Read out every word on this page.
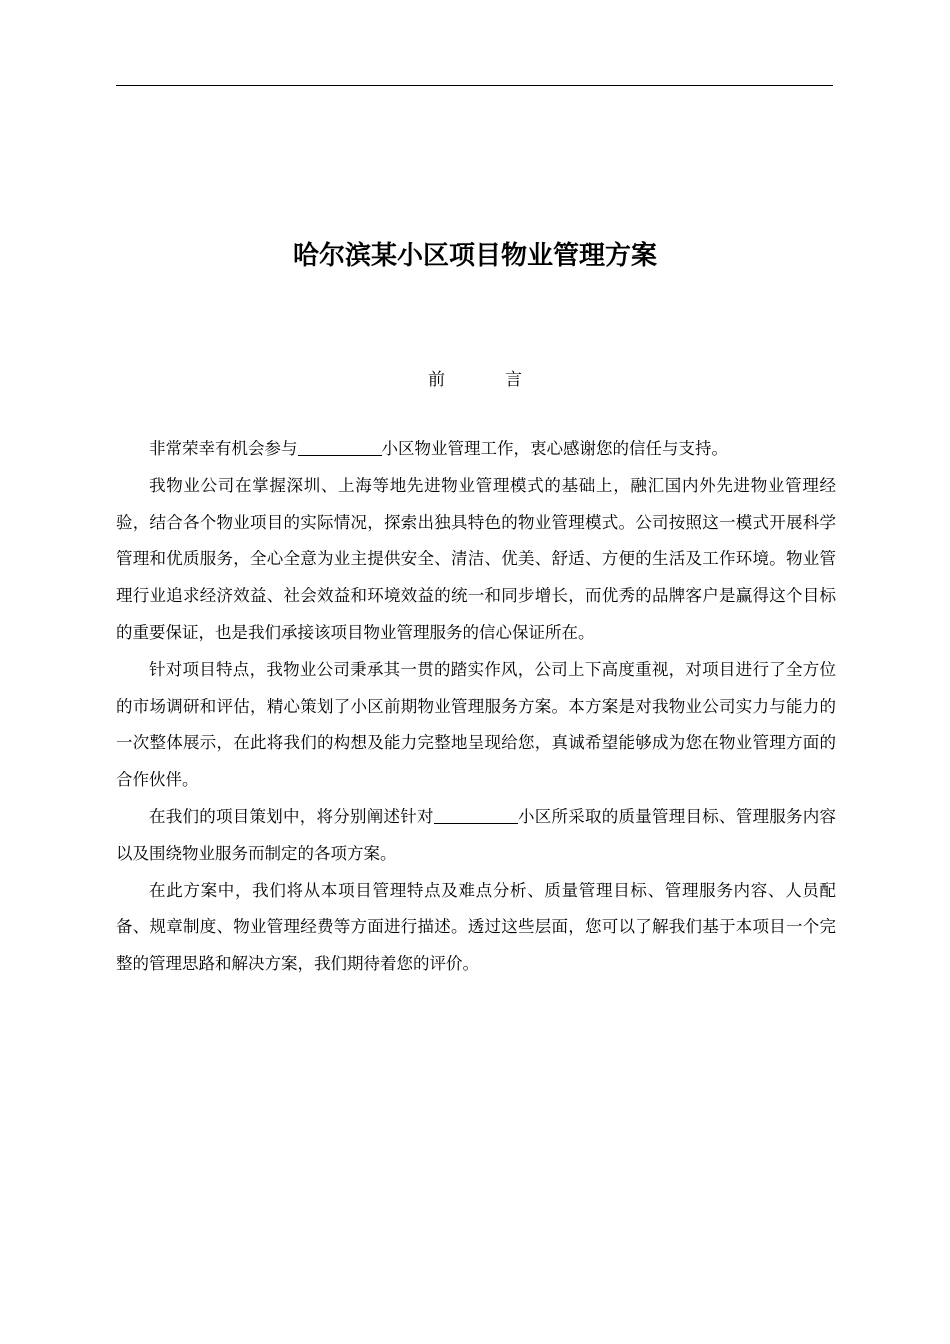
哈尔滨某小区项目物业管理方案
前言

非常荣幸有机会参与	小区物业管理工作，衷心感谢您的信任与支持。

我物业公司在掌握深圳、上海等地先进物业管理模式的基础上，融汇国内外先进物业管理经验，结合各个物业项目的实际情况，探索出独具特色的物业管理模式。公司按照这一模式开展科学管理和优质服务，全心全意为业主提供安全、清洁、优美、舒适、方便的生活及工作环境。物业管理行业追求经济效益、社会效益和环境效益的统一和同步增长，而优秀的品牌客户是赢得这个目标的重要保证，也是我们承接该项目物业管理服务的信心保证所在。

针对项目特点，我物业公司秉承其一贯的踏实作风，公司上下高度重视，对项目进行了全方位的市场调研和评估，精心策划了小区前期物业管理服务方案。本方案是对我物业公司实力与能力的一次整体展示，在此将我们的构想及能力完整地呈现给您，真诚希望能够成为您在物业管理方面的合作伙伴。

在我们的项目策划中，将分别阐述针对	小区所采取的质量管理目标、管理服务内容以及围绕物业服务而制定的各项方案。

在此方案中，我们将从本项目管理特点及难点分析、质量管理目标、管理服务内容、人员配备、规章制度、物业管理经费等方面进行描述。透过这些层面，您可以了解我们基于本项目一个完整的管理思路和解决方案，我们期待着您的评价。
